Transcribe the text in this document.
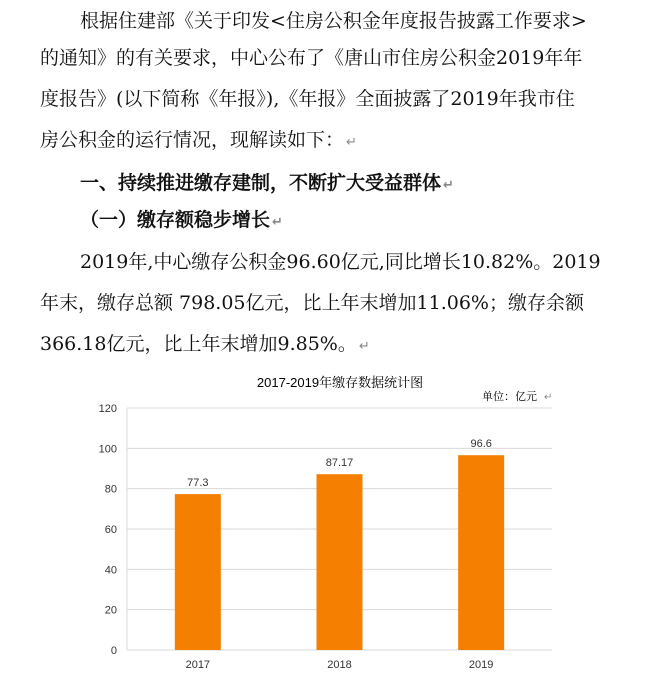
根据住建部《关于印发<住房公积金年度报告披露工作要求>
的通知》的有关要求，中心公布了《唐山市住房公积金2019年年
度报告》(以下简称《年报》),《年报》全面披露了2019年我市住
房公积金的运行情况，现解读如下： ↵
一、持续推进缴存建制，不断扩大受益群体 ↵
（一）缴存额稳步增长 ↵
2019年,中心缴存公积金96.60亿元,同比增长10.82%。2019
年末，缴存总额 798.05亿元，比上年末增加11.06%；缴存余额
366.18亿元，比上年末增加9.85%。 ↵
2017-2019年缴存数据统计图
单位：亿元 ↵
0
20
40
60
80
100
120
77.3
87.17
96.6
2017	2018	2019
